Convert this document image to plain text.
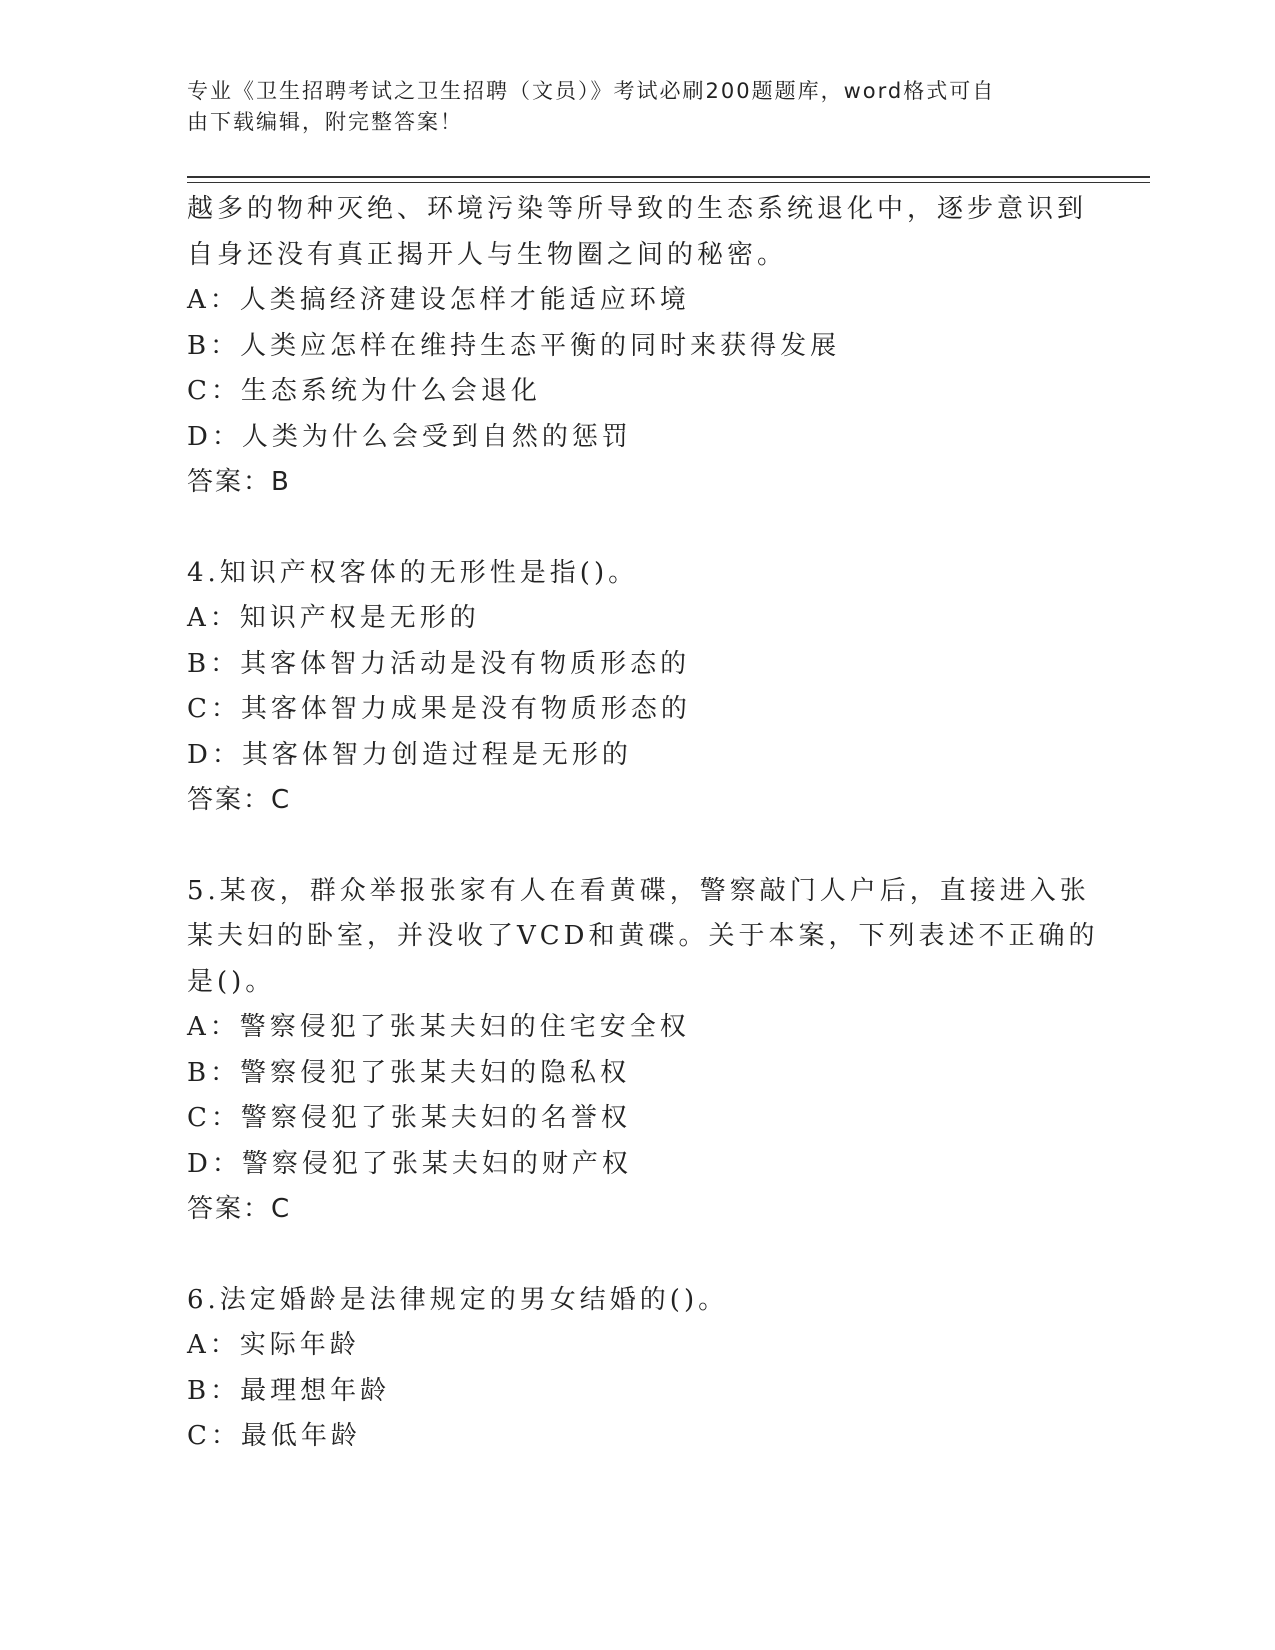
专业《卫生招聘考试之卫生招聘（文员）》考试必刷200题题库，word格式可自
由下载编辑，附完整答案！
越多的物种灭绝、环境污染等所导致的生态系统退化中，逐步意识到
自身还没有真正揭开人与生物圈之间的秘密。
A：人类搞经济建设怎样才能适应环境
B：人类应怎样在维持生态平衡的同时来获得发展
C：生态系统为什么会退化
D：人类为什么会受到自然的惩罚
答案：B
4.知识产权客体的无形性是指()。
A：知识产权是无形的
B：其客体智力活动是没有物质形态的
C：其客体智力成果是没有物质形态的
D：其客体智力创造过程是无形的
答案：C
5.某夜，群众举报张家有人在看黄碟，警察敲门人户后，直接进入张
某夫妇的卧室，并没收了VCD和黄碟。关于本案，下列表述不正确的
是()。
A：警察侵犯了张某夫妇的住宅安全权
B：警察侵犯了张某夫妇的隐私权
C：警察侵犯了张某夫妇的名誉权
D：警察侵犯了张某夫妇的财产权
答案：C
6.法定婚龄是法律规定的男女结婚的()。
A：实际年龄
B：最理想年龄
C：最低年龄
